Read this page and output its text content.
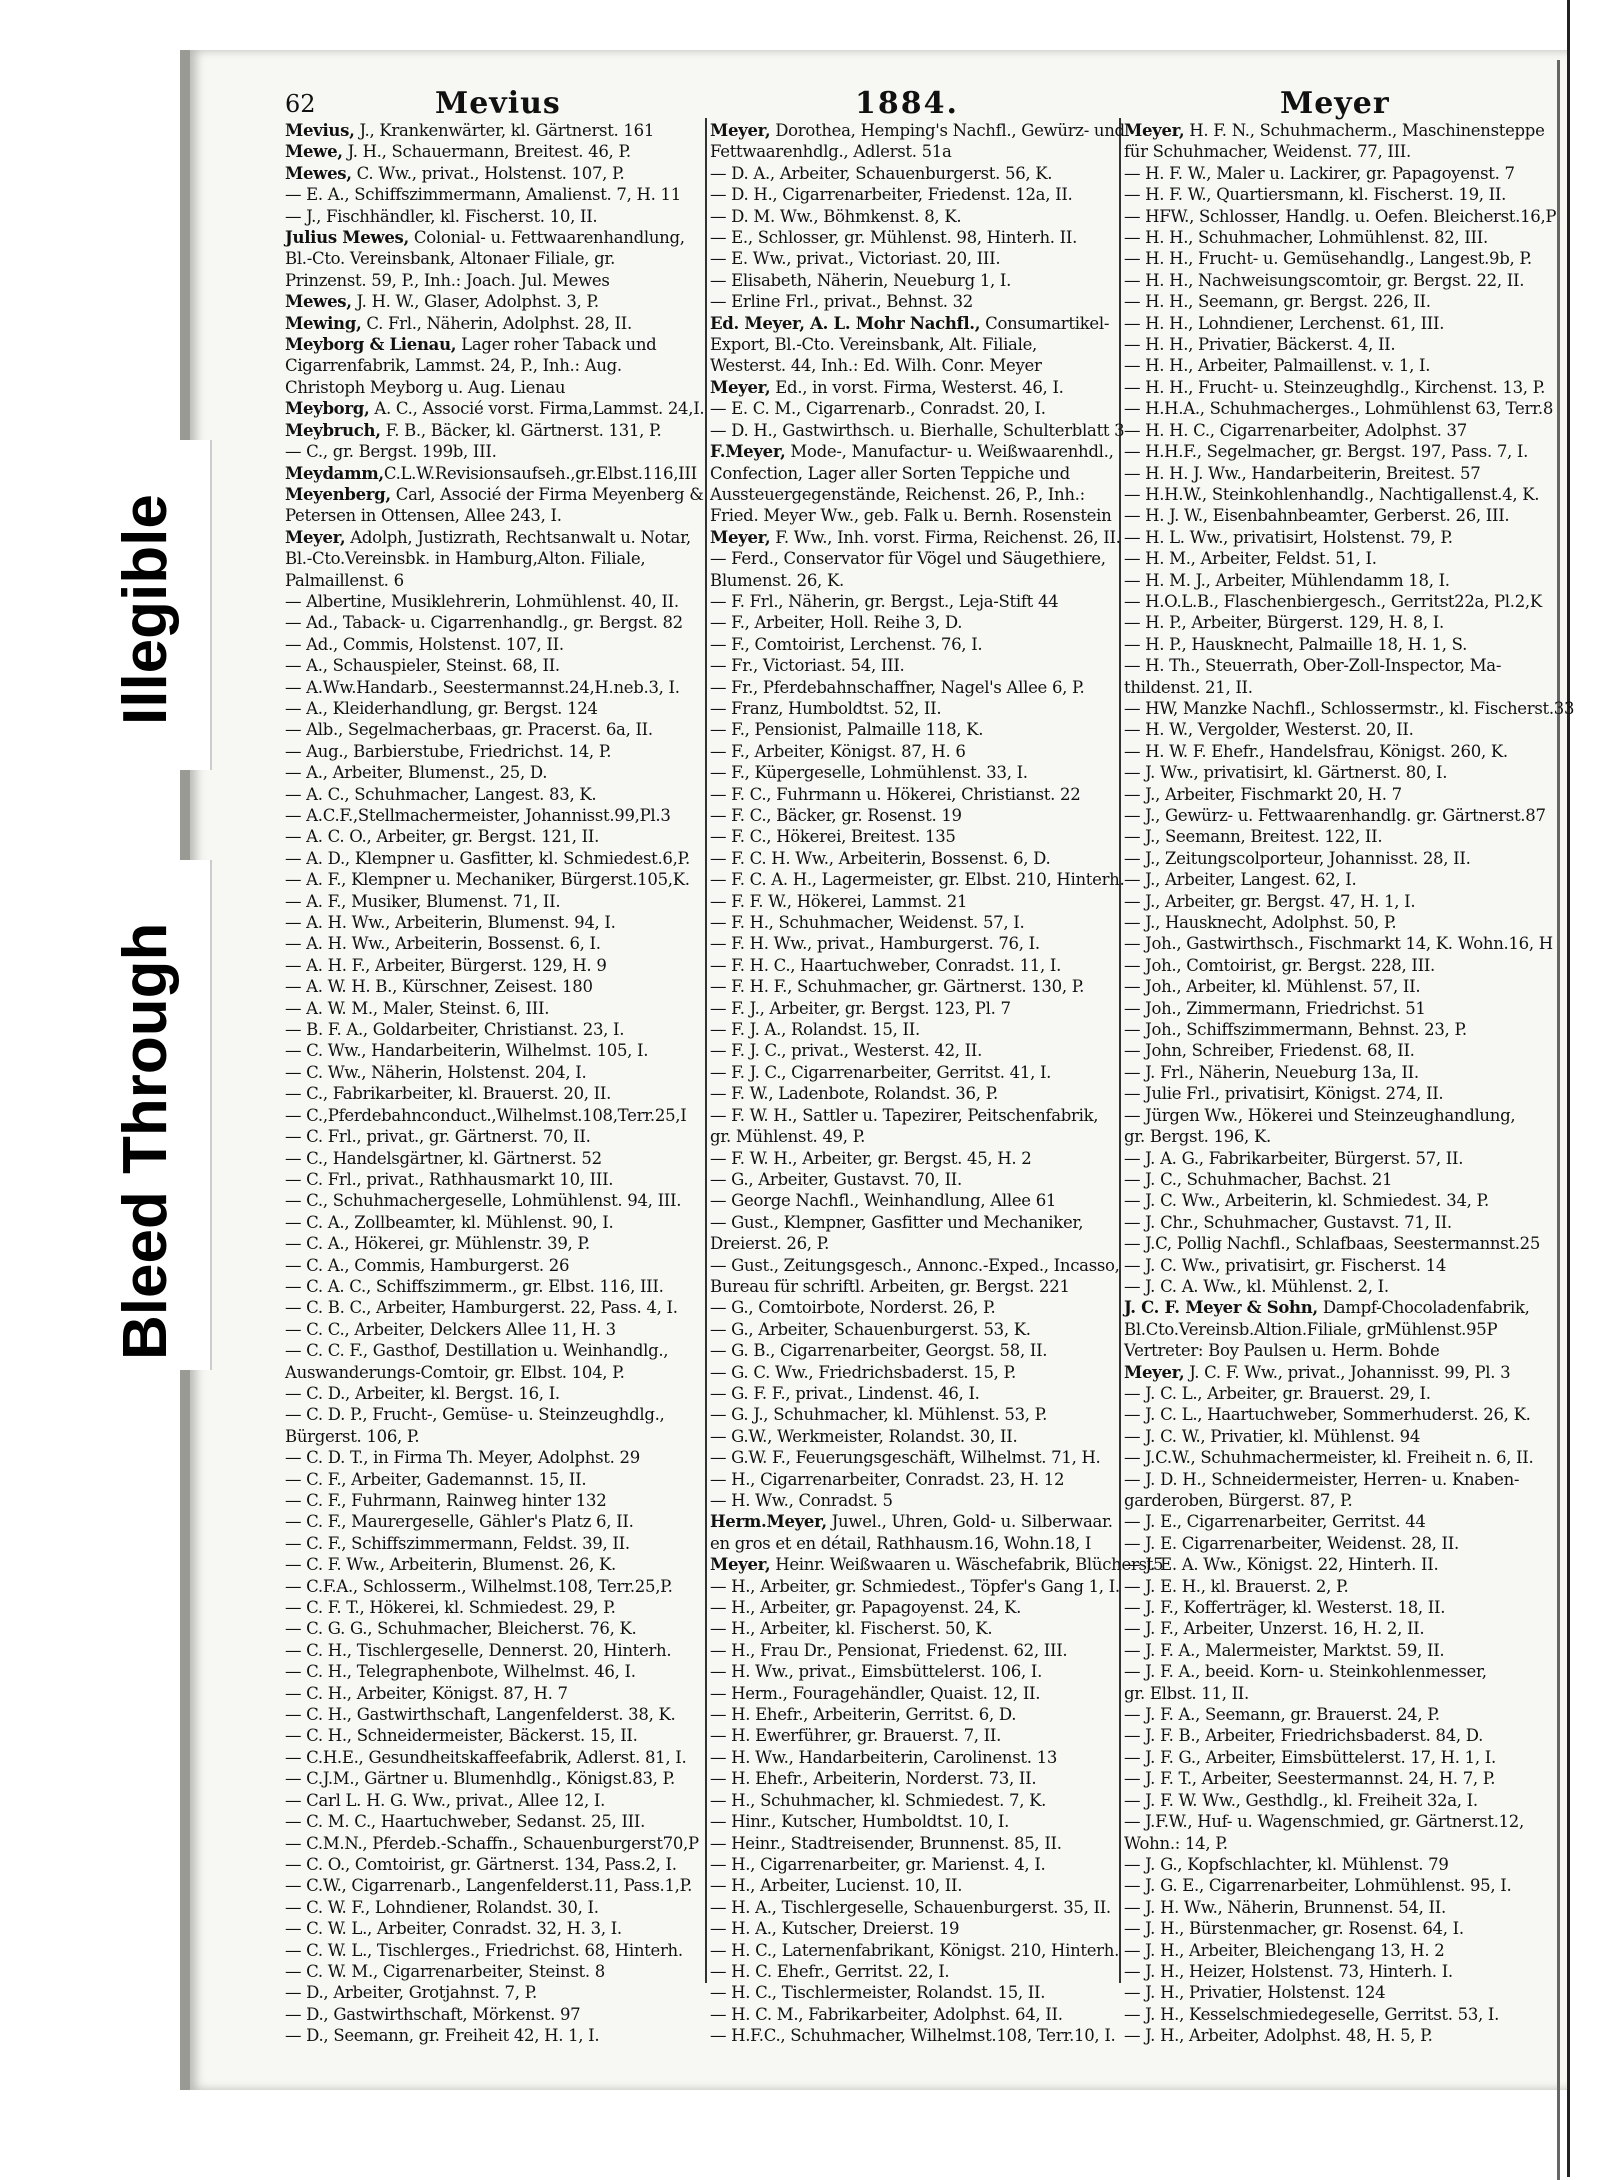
Illegible
Bleed Through
62	Mevius	1884.	Meyer
Mevius, J., Krankenwärter, kl. Gärtnerst. 161
Mewe, J. H., Schauermann, Breitest. 46, P.
Mewes, C. Ww., privat., Holstenst. 107, P.
— E. A., Schiffszimmermann, Amalienst. 7, H. 11
— J., Fischhändler, kl. Fischerst. 10, II.
Julius Mewes, Colonial- u. Fettwaarenhandlung,
Bl.-Cto. Vereinsbank, Altonaer Filiale, gr.
Prinzenst. 59, P., Inh.: Joach. Jul. Mewes
Mewes, J. H. W., Glaser, Adolphst. 3, P.
Mewing, C. Frl., Näherin, Adolphst. 28, II.
Meyborg & Lienau, Lager roher Taback und
Cigarrenfabrik, Lammst. 24, P., Inh.: Aug.
Christoph Meyborg u. Aug. Lienau
Meyborg, A. C., Associé vorst. Firma,Lammst. 24,I.
Meybruch, F. B., Bäcker, kl. Gärtnerst. 131, P.
— C., gr. Bergst. 199b, III.
Meydamm,C.L.W.Revisionsaufseh.,gr.Elbst.116,III
Meyenberg, Carl, Associé der Firma Meyenberg &
Petersen in Ottensen, Allee 243, I.
Meyer, Adolph, Justizrath, Rechtsanwalt u. Notar,
Bl.-Cto.Vereinsbk. in Hamburg,Alton. Filiale,
Palmaillenst. 6
— Albertine, Musiklehrerin, Lohmühlenst. 40, II.
— Ad., Taback- u. Cigarrenhandlg., gr. Bergst. 82
— Ad., Commis, Holstenst. 107, II.
— A., Schauspieler, Steinst. 68, II.
— A.Ww.Handarb., Seestermannst.24,H.neb.3, I.
— A., Kleiderhandlung, gr. Bergst. 124
— Alb., Segelmacherbaas, gr. Pracerst. 6a, II.
— Aug., Barbierstube, Friedrichst. 14, P.
— A., Arbeiter, Blumenst., 25, D.
— A. C., Schuhmacher, Langest. 83, K.
— A.C.F.,Stellmachermeister, Johannisst.99,Pl.3
— A. C. O., Arbeiter, gr. Bergst. 121, II.
— A. D., Klempner u. Gasfitter, kl. Schmiedest.6,P.
— A. F., Klempner u. Mechaniker, Bürgerst.105,K.
— A. F., Musiker, Blumenst. 71, II.
— A. H. Ww., Arbeiterin, Blumenst. 94, I.
— A. H. Ww., Arbeiterin, Bossenst. 6, I.
— A. H. F., Arbeiter, Bürgerst. 129, H. 9
— A. W. H. B., Kürschner, Zeisest. 180
— A. W. M., Maler, Steinst. 6, III.
— B. F. A., Goldarbeiter, Christianst. 23, I.
— C. Ww., Handarbeiterin, Wilhelmst. 105, I.
— C. Ww., Näherin, Holstenst. 204, I.
— C., Fabrikarbeiter, kl. Brauerst. 20, II.
— C.,Pferdebahnconduct.,Wilhelmst.108,Terr.25,I
— C. Frl., privat., gr. Gärtnerst. 70, II.
— C., Handelsgärtner, kl. Gärtnerst. 52
— C. Frl., privat., Rathhausmarkt 10, III.
— C., Schuhmachergeselle, Lohmühlenst. 94, III.
— C. A., Zollbeamter, kl. Mühlenst. 90, I.
— C. A., Hökerei, gr. Mühlenstr. 39, P.
— C. A., Commis, Hamburgerst. 26
— C. A. C., Schiffszimmerm., gr. Elbst. 116, III.
— C. B. C., Arbeiter, Hamburgerst. 22, Pass. 4, I.
— C. C., Arbeiter, Delckers Allee 11, H. 3
— C. C. F., Gasthof, Destillation u. Weinhandlg.,
Auswanderungs-Comtoir, gr. Elbst. 104, P.
— C. D., Arbeiter, kl. Bergst. 16, I.
— C. D. P., Frucht-, Gemüse- u. Steinzeughdlg.,
Bürgerst. 106, P.
— C. D. T., in Firma Th. Meyer, Adolphst. 29
— C. F., Arbeiter, Gademannst. 15, II.
— C. F., Fuhrmann, Rainweg hinter 132
— C. F., Maurergeselle, Gähler's Platz 6, II.
— C. F., Schiffszimmermann, Feldst. 39, II.
— C. F. Ww., Arbeiterin, Blumenst. 26, K.
— C.F.A., Schlosserm., Wilhelmst.108, Terr.25,P.
— C. F. T., Hökerei, kl. Schmiedest. 29, P.
— C. G. G., Schuhmacher, Bleicherst. 76, K.
— C. H., Tischlergeselle, Dennerst. 20, Hinterh.
— C. H., Telegraphenbote, Wilhelmst. 46, I.
— C. H., Arbeiter, Königst. 87, H. 7
— C. H., Gastwirthschaft, Langenfelderst. 38, K.
— C. H., Schneidermeister, Bäckerst. 15, II.
— C.H.E., Gesundheitskaffeefabrik, Adlerst. 81, I.
— C.J.M., Gärtner u. Blumenhdlg., Königst.83, P.
— Carl L. H. G. Ww., privat., Allee 12, I.
— C. M. C., Haartuchweber, Sedanst. 25, III.
— C.M.N., Pferdeb.-Schaffn., Schauenburgerst70,P
— C. O., Comtoirist, gr. Gärtnerst. 134, Pass.2, I.
— C.W., Cigarrenarb., Langenfelderst.11, Pass.1,P.
— C. W. F., Lohndiener, Rolandst. 30, I.
— C. W. L., Arbeiter, Conradst. 32, H. 3, I.
— C. W. L., Tischlerges., Friedrichst. 68, Hinterh.
— C. W. M., Cigarrenarbeiter, Steinst. 8
— D., Arbeiter, Grotjahnst. 7, P.
— D., Gastwirthschaft, Mörkenst. 97
— D., Seemann, gr. Freiheit 42, H. 1, I.
Meyer, Dorothea, Hemping's Nachfl., Gewürz- und
Fettwaarenhdlg., Adlerst. 51a
— D. A., Arbeiter, Schauenburgerst. 56, K.
— D. H., Cigarrenarbeiter, Friedenst. 12a, II.
— D. M. Ww., Böhmkenst. 8, K.
— E., Schlosser, gr. Mühlenst. 98, Hinterh. II.
— E. Ww., privat., Victoriast. 20, III.
— Elisabeth, Näherin, Neueburg 1, I.
— Erline Frl., privat., Behnst. 32
Ed. Meyer, A. L. Mohr Nachfl., Consumartikel-
Export, Bl.-Cto. Vereinsbank, Alt. Filiale,
Westerst. 44, Inh.: Ed. Wilh. Conr. Meyer
Meyer, Ed., in vorst. Firma, Westerst. 46, I.
— E. C. M., Cigarrenarb., Conradst. 20, I.
— D. H., Gastwirthsch. u. Bierhalle, Schulterblatt 3
F.Meyer, Mode-, Manufactur- u. Weißwaarenhdl.,
Confection, Lager aller Sorten Teppiche und
Aussteuergegenstände, Reichenst. 26, P., Inh.:
Fried. Meyer Ww., geb. Falk u. Bernh. Rosenstein
Meyer, F. Ww., Inh. vorst. Firma, Reichenst. 26, II.
— Ferd., Conservator für Vögel und Säugethiere,
Blumenst. 26, K.
— F. Frl., Näherin, gr. Bergst., Leja-Stift 44
— F., Arbeiter, Holl. Reihe 3, D.
— F., Comtoirist, Lerchenst. 76, I.
— Fr., Victoriast. 54, III.
— Fr., Pferdebahnschaffner, Nagel's Allee 6, P.
— Franz, Humboldtst. 52, II.
— F., Pensionist, Palmaille 118, K.
— F., Arbeiter, Königst. 87, H. 6
— F., Küpergeselle, Lohmühlenst. 33, I.
— F. C., Fuhrmann u. Hökerei, Christianst. 22
— F. C., Bäcker, gr. Rosenst. 19
— F. C., Hökerei, Breitest. 135
— F. C. H. Ww., Arbeiterin, Bossenst. 6, D.
— F. C. A. H., Lagermeister, gr. Elbst. 210, Hinterh.
— F. F. W., Hökerei, Lammst. 21
— F. H., Schuhmacher, Weidenst. 57, I.
— F. H. Ww., privat., Hamburgerst. 76, I.
— F. H. C., Haartuchweber, Conradst. 11, I.
— F. H. F., Schuhmacher, gr. Gärtnerst. 130, P.
— F. J., Arbeiter, gr. Bergst. 123, Pl. 7
— F. J. A., Rolandst. 15, II.
— F. J. C., privat., Westerst. 42, II.
— F. J. C., Cigarrenarbeiter, Gerritst. 41, I.
— F. W., Ladenbote, Rolandst. 36, P.
— F. W. H., Sattler u. Tapezirer, Peitschenfabrik,
gr. Mühlenst. 49, P.
— F. W. H., Arbeiter, gr. Bergst. 45, H. 2
— G., Arbeiter, Gustavst. 70, II.
— George Nachfl., Weinhandlung, Allee 61
— Gust., Klempner, Gasfitter und Mechaniker,
Dreierst. 26, P.
— Gust., Zeitungsgesch., Annonc.-Exped., Incasso,
Bureau für schriftl. Arbeiten, gr. Bergst. 221
— G., Comtoirbote, Norderst. 26, P.
— G., Arbeiter, Schauenburgerst. 53, K.
— G. B., Cigarrenarbeiter, Georgst. 58, II.
— G. C. Ww., Friedrichsbaderst. 15, P.
— G. F. F., privat., Lindenst. 46, I.
— G. J., Schuhmacher, kl. Mühlenst. 53, P.
— G.W., Werkmeister, Rolandst. 30, II.
— G.W. F., Feuerungsgeschäft, Wilhelmst. 71, H.
— H., Cigarrenarbeiter, Conradst. 23, H. 12
— H. Ww., Conradst. 5
Herm.Meyer, Juwel., Uhren, Gold- u. Silberwaar.
en gros et en détail, Rathhausm.16, Wohn.18, I
Meyer, Heinr. Weißwaaren u. Wäschefabrik, Blücherst5
— H., Arbeiter, gr. Schmiedest., Töpfer's Gang 1, I.
— H., Arbeiter, gr. Papagoyenst. 24, K.
— H., Arbeiter, kl. Fischerst. 50, K.
— H., Frau Dr., Pensionat, Friedenst. 62, III.
— H. Ww., privat., Eimsbüttelerst. 106, I.
— Herm., Fouragehändler, Quaist. 12, II.
— H. Ehefr., Arbeiterin, Gerritst. 6, D.
— H. Ewerführer, gr. Brauerst. 7, II.
— H. Ww., Handarbeiterin, Carolinenst. 13
— H. Ehefr., Arbeiterin, Norderst. 73, II.
— H., Schuhmacher, kl. Schmiedest. 7, K.
— Hinr., Kutscher, Humboldtst. 10, I.
— Heinr., Stadtreisender, Brunnenst. 85, II.
— H., Cigarrenarbeiter, gr. Marienst. 4, I.
— H., Arbeiter, Lucienst. 10, II.
— H. A., Tischlergeselle, Schauenburgerst. 35, II.
— H. A., Kutscher, Dreierst. 19
— H. C., Laternenfabrikant, Königst. 210, Hinterh.
— H. C. Ehefr., Gerritst. 22, I.
— H. C., Tischlermeister, Rolandst. 15, II.
— H. C. M., Fabrikarbeiter, Adolphst. 64, II.
— H.F.C., Schuhmacher, Wilhelmst.108, Terr.10, I.
Meyer, H. F. N., Schuhmacherm., Maschinensteppe
für Schuhmacher, Weidenst. 77, III.
— H. F. W., Maler u. Lackirer, gr. Papagoyenst. 7
— H. F. W., Quartiersmann, kl. Fischerst. 19, II.
— HFW., Schlosser, Handlg. u. Oefen. Bleicherst.16,P
— H. H., Schuhmacher, Lohmühlenst. 82, III.
— H. H., Frucht- u. Gemüsehandlg., Langest.9b, P.
— H. H., Nachweisungscomtoir, gr. Bergst. 22, II.
— H. H., Seemann, gr. Bergst. 226, II.
— H. H., Lohndiener, Lerchenst. 61, III.
— H. H., Privatier, Bäckerst. 4, II.
— H. H., Arbeiter, Palmaillenst. v. 1, I.
— H. H., Frucht- u. Steinzeughdlg., Kirchenst. 13, P.
— H.H.A., Schuhmacherges., Lohmühlenst 63, Terr.8
— H. H. C., Cigarrenarbeiter, Adolphst. 37
— H.H.F., Segelmacher, gr. Bergst. 197, Pass. 7, I.
— H. H. J. Ww., Handarbeiterin, Breitest. 57
— H.H.W., Steinkohlenhandlg., Nachtigallenst.4, K.
— H. J. W., Eisenbahnbeamter, Gerberst. 26, III.
— H. L. Ww., privatisirt, Holstenst. 79, P.
— H. M., Arbeiter, Feldst. 51, I.
— H. M. J., Arbeiter, Mühlendamm 18, I.
— H.O.L.B., Flaschenbiergesch., Gerritst22a, Pl.2,K
— H. P., Arbeiter, Bürgerst. 129, H. 8, I.
— H. P., Hausknecht, Palmaille 18, H. 1, S.
— H. Th., Steuerrath, Ober-Zoll-Inspector, Ma-
thildenst. 21, II.
— HW, Manzke Nachfl., Schlossermstr., kl. Fischerst.33
— H. W., Vergolder, Westerst. 20, II.
— H. W. F. Ehefr., Handelsfrau, Königst. 260, K.
— J. Ww., privatisirt, kl. Gärtnerst. 80, I.
— J., Arbeiter, Fischmarkt 20, H. 7
— J., Gewürz- u. Fettwaarenhandlg. gr. Gärtnerst.87
— J., Seemann, Breitest. 122, II.
— J., Zeitungscolporteur, Johannisst. 28, II.
— J., Arbeiter, Langest. 62, I.
— J., Arbeiter, gr. Bergst. 47, H. 1, I.
— J., Hausknecht, Adolphst. 50, P.
— Joh., Gastwirthsch., Fischmarkt 14, K. Wohn.16, H
— Joh., Comtoirist, gr. Bergst. 228, III.
— Joh., Arbeiter, kl. Mühlenst. 57, II.
— Joh., Zimmermann, Friedrichst. 51
— Joh., Schiffszimmermann, Behnst. 23, P.
— John, Schreiber, Friedenst. 68, II.
— J. Frl., Näherin, Neueburg 13a, II.
— Julie Frl., privatisirt, Königst. 274, II.
— Jürgen Ww., Hökerei und Steinzeughandlung,
gr. Bergst. 196, K.
— J. A. G., Fabrikarbeiter, Bürgerst. 57, II.
— J. C., Schuhmacher, Bachst. 21
— J. C. Ww., Arbeiterin, kl. Schmiedest. 34, P.
— J. Chr., Schuhmacher, Gustavst. 71, II.
— J.C, Pollig Nachfl., Schlafbaas, Seestermannst.25
— J. C. Ww., privatisirt, gr. Fischerst. 14
— J. C. A. Ww., kl. Mühlenst. 2, I.
J. C. F. Meyer & Sohn, Dampf-Chocoladenfabrik,
Bl.Cto.Vereinsb.Altion.Filiale, grMühlenst.95P
Vertreter: Boy Paulsen u. Herm. Bohde
Meyer, J. C. F. Ww., privat., Johannisst. 99, Pl. 3
— J. C. L., Arbeiter, gr. Brauerst. 29, I.
— J. C. L., Haartuchweber, Sommerhuderst. 26, K.
— J. C. W., Privatier, kl. Mühlenst. 94
— J.C.W., Schuhmachermeister, kl. Freiheit n. 6, II.
— J. D. H., Schneidermeister, Herren- u. Knaben-
garderoben, Bürgerst. 87, P.
— J. E., Cigarrenarbeiter, Gerritst. 44
— J. E. Cigarrenarbeiter, Weidenst. 28, II.
— J. E. A. Ww., Königst. 22, Hinterh. II.
— J. E. H., kl. Brauerst. 2, P.
— J. F., Kofferträger, kl. Westerst. 18, II.
— J. F., Arbeiter, Unzerst. 16, H. 2, II.
— J. F. A., Malermeister, Marktst. 59, II.
— J. F. A., beeid. Korn- u. Steinkohlenmesser,
gr. Elbst. 11, II.
— J. F. A., Seemann, gr. Brauerst. 24, P.
— J. F. B., Arbeiter, Friedrichsbaderst. 84, D.
— J. F. G., Arbeiter, Eimsbüttelerst. 17, H. 1, I.
— J. F. T., Arbeiter, Seestermannst. 24, H. 7, P.
— J. F. W. Ww., Gesthdlg., kl. Freiheit 32a, I.
— J.F.W., Huf- u. Wagenschmied, gr. Gärtnerst.12,
Wohn.: 14, P.
— J. G., Kopfschlachter, kl. Mühlenst. 79
— J. G. E., Cigarrenarbeiter, Lohmühlenst. 95, I.
— J. H. Ww., Näherin, Brunnenst. 54, II.
— J. H., Bürstenmacher, gr. Rosenst. 64, I.
— J. H., Arbeiter, Bleichengang 13, H. 2
— J. H., Heizer, Holstenst. 73, Hinterh. I.
— J. H., Privatier, Holstenst. 124
— J. H., Kesselschmiedegeselle, Gerritst. 53, I.
— J. H., Arbeiter, Adolphst. 48, H. 5, P.
